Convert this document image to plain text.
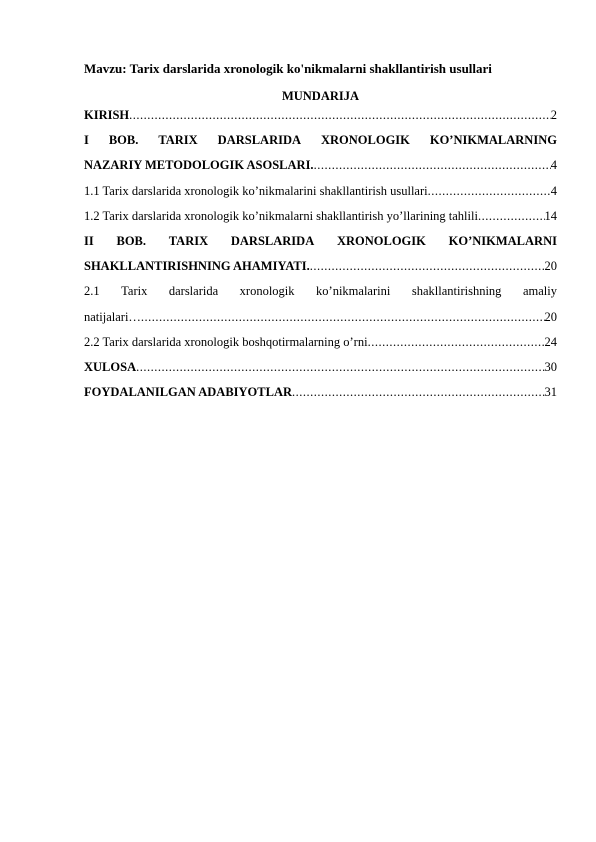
Mavzu: Tarix darslarida xronologik ko'nikmalarni shakllantirish usullari
MUNDARIJA
KIRISH .....	2
I BOB. TARIX DARSLARIDA XRONOLOGIK KO’NIKMALARNING
NAZARIY METODOLOGIK ASOSLARI. .....	4
1.1 Tarix darslarida xronologik ko’nikmalarini shakllantirish usullari .....	4
1.2 Tarix darslarida xronologik ko’nikmalarni shakllantirish yo’llarining tahlili .....	14
II BOB. TARIX DARSLARIDA XRONOLOGIK KO’NIKMALARNI
SHAKLLANTIRISHNING AHAMIYATI. .....	20
2.1 Tarix darslarida xronologik ko’nikmalarini shakllantirishning amaliy
natijalari… .....	20
2.2 Tarix darslarida xronologik boshqotirmalarning o’rni .....	24
XULOSA .....	30
FOYDALANILGAN ADABIYOTLAR .....	31
